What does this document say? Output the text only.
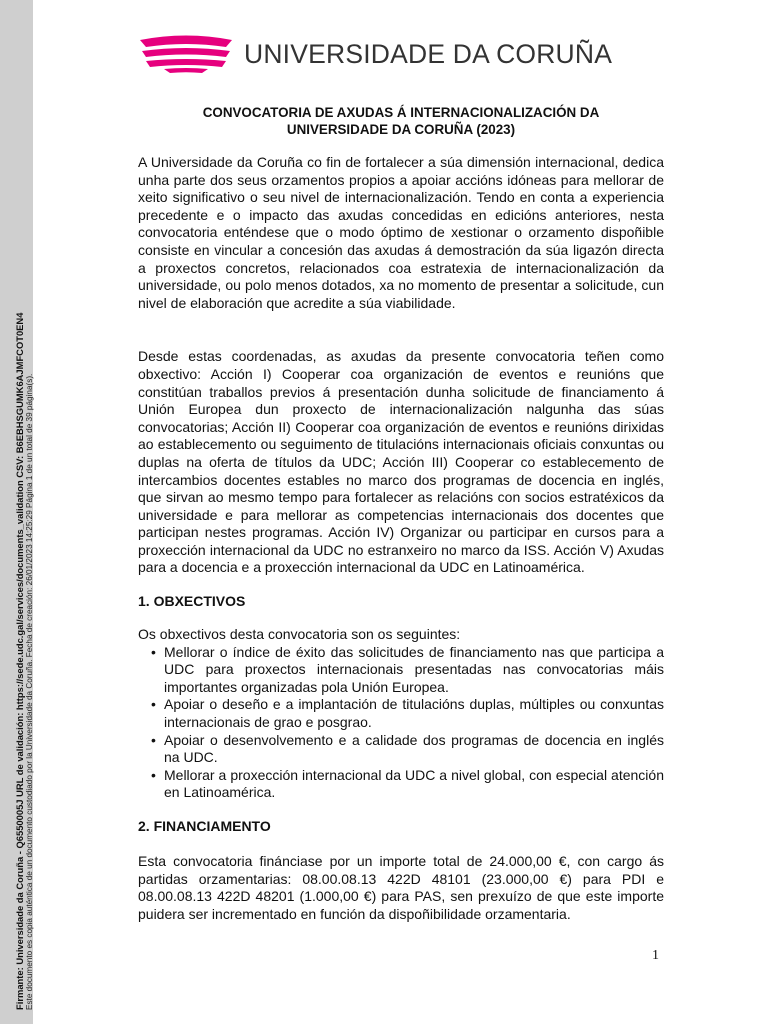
Firmante: Universidade da Coruña - Q6550005J URL de validación: https://sede.udc.gal/services/documents_validation CSV: B6EBHSGUMK6AJMFCOT0EN4 Este documento es copia auténtica de un documento custodiado por la Universidade da Coruña. Fecha de creación: 26/01/2023 14:25:29 Página 1 de un total de 39 página(s).
UNIVERSIDADE DA CORUÑA
CONVOCATORIA DE AXUDAS Á INTERNACIONALIZACIÓN DA
UNIVERSIDADE DA CORUÑA (2023)

A Universidade da Coruña co fin de fortalecer a súa dimensión internacional, dedica unha parte dos seus orzamentos propios a apoiar accións idóneas para mellorar de xeito significativo o seu nivel de internacionalización. Tendo en conta a experiencia precedente e o impacto das axudas concedidas en edicións anteriores, nesta convocatoria enténdese que o modo óptimo de xestionar o orzamento dispoñible consiste en vincular a concesión das axudas á demostración da súa ligazón directa a proxectos concretos, relacionados coa estratexia de internacionalización da universidade, ou polo menos dotados, xa no momento de presentar a solicitude, cun nivel de elaboración que acredite a súa viabilidade.

Desde estas coordenadas, as axudas da presente convocatoria teñen como obxectivo: Acción I) Cooperar coa organización de eventos e reunións que constitúan traballos previos á presentación dunha solicitude de financiamento á Unión Europea dun proxecto de internacionalización nalgunha das súas convocatorias; Acción II) Cooperar coa organización de eventos e reunións dirixidas ao establecemento ou seguimento de titulacións internacionais oficiais conxuntas ou duplas na oferta de títulos da UDC; Acción III) Cooperar co establecemento de intercambios docentes estables no marco dos programas de docencia en inglés, que sirvan ao mesmo tempo para fortalecer as relacións con socios estratéxicos da universidade e para mellorar as competencias internacionais dos docentes que participan nestes programas. Acción IV) Organizar ou participar en cursos para a proxección internacional da UDC no estranxeiro no marco da ISS. Acción V) Axudas para a docencia e a proxección internacional da UDC en Latinoamérica.

1. OBXECTIVOS

Os obxectivos desta convocatoria son os seguintes:

• Mellorar o índice de éxito das solicitudes de financiamento nas que participa a UDC para proxectos internacionais presentadas nas convocatorias máis importantes organizadas pola Unión Europea.
• Apoiar o deseño e a implantación de titulacións duplas, múltiples ou conxuntas internacionais de grao e posgrao.
• Apoiar o desenvolvemento e a calidade dos programas de docencia en inglés na UDC.
• Mellorar a proxección internacional da UDC a nivel global, con especial atención en Latinoamérica.
2. FINANCIAMENTO

Esta convocatoria finánciase por un importe total de 24.000,00 €, con cargo ás partidas orzamentarias: 08.00.08.13 422D 48101 (23.000,00 €) para PDI e 08.00.08.13 422D 48201 (1.000,00 €) para PAS, sen prexuízo de que este importe puidera ser incrementado en función da dispoñibilidade orzamentaria.

1
